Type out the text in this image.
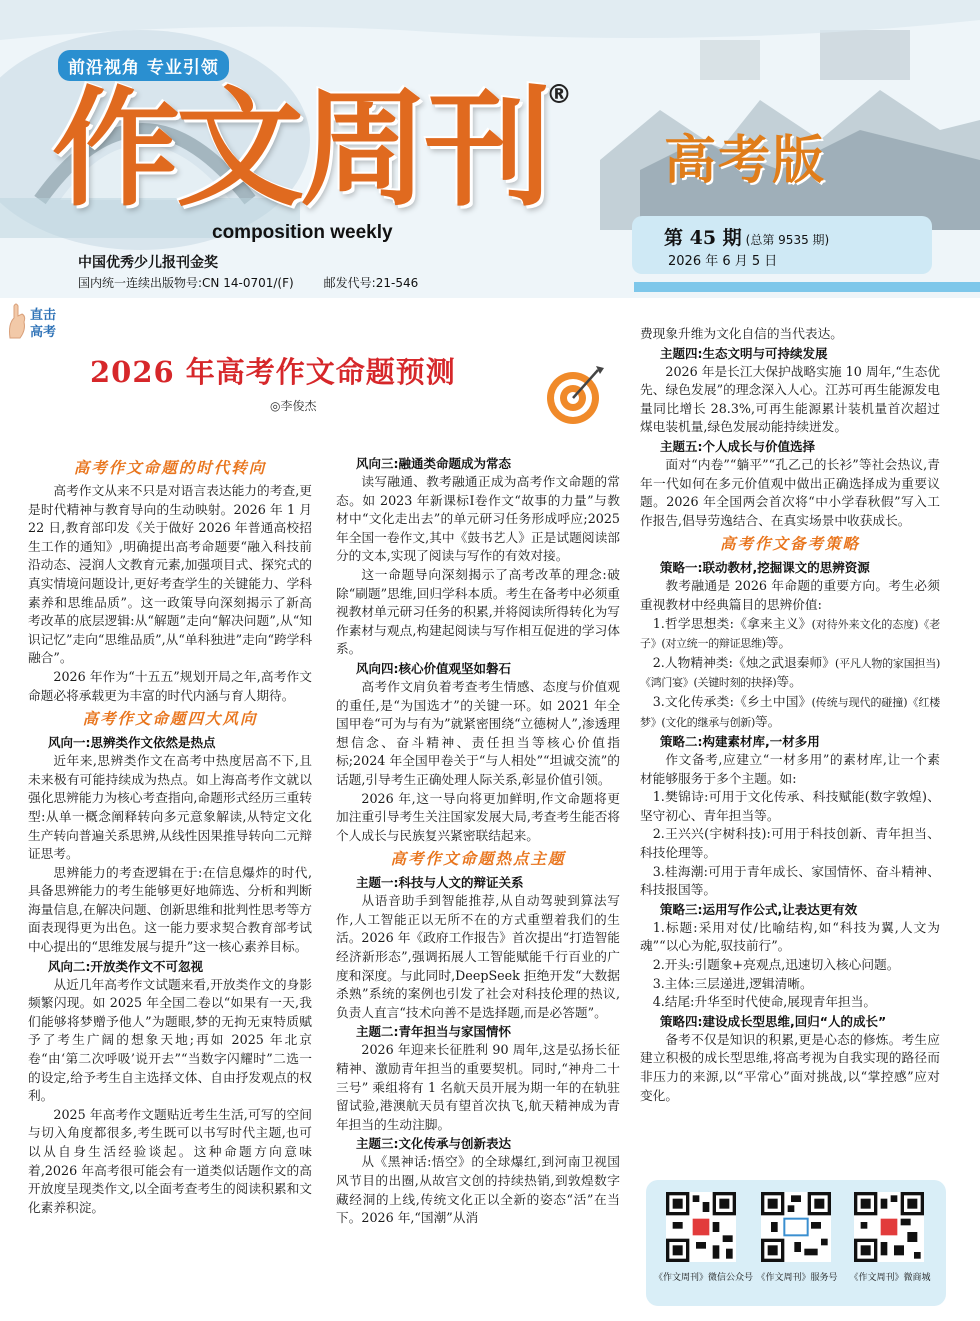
前沿视角 专业引领
作文周刊
®
composition weekly
高考版
第 45 期 (总第 9535 期)
2026 年 6 月 5 日
中国优秀少儿报刊金奖
国内统一连续出版物号:CN 14-0701/(F)	邮发代号:21-546
直击
高考
2026 年高考作文命题预测
◎李俊杰
高考作文命题的时代转向

高考作文从来不只是对语言表达能力的考查,更是时代精神与教育导向的生动映射。2026 年 1 月 22 日,教育部印发《关于做好 2026 年普通高校招生工作的通知》,明确提出高考命题要“融入科技前沿动态、浸润人文教育元素,加强项目式、探究式的真实情境问题设计,更好考查学生的关键能力、学科素养和思维品质”。这一政策导向深刻揭示了新高考改革的底层逻辑:从“解题”走向“解决问题”,从“知识记忆”走向“思维品质”,从“单科独进”走向“跨学科融合”。

2026 年作为“十五五”规划开局之年,高考作文命题必将承载更为丰富的时代内涵与育人期待。

高考作文命题四大风向
风向一:思辨类作文依然是热点

近年来,思辨类作文在高考中热度居高不下,且未来极有可能持续成为热点。如上海高考作文就以强化思辨能力为核心考查指向,命题形式经历三重转型:从单一概念阐释转向多元意象解读,从特定文化生产转向普遍关系思辨,从线性因果推导转向二元辩证思考。

思辨能力的考查逻辑在于:在信息爆炸的时代,具备思辨能力的考生能够更好地筛选、分析和判断海量信息,在解决问题、创新思维和批判性思考等方面表现得更为出色。这一能力要求契合教育部考试中心提出的“思维发展与提升”这一核心素养目标。

风向二:开放类作文不可忽视

从近几年高考作文试题来看,开放类作文的身影频繁闪现。如 2025 年全国二卷以“如果有一天,我们能够将梦赠予他人”为题眼,梦的无拘无束特质赋予了考生广阔的想象天地;再如 2025 年北京卷“由‘第二次呼吸’说开去”“当数字闪耀时”二选一的设定,给予考生自主选择文体、自由抒发观点的权利。

2025 年高考作文题贴近考生生活,可写的空间与切入角度都很多,考生既可以书写时代主题,也可以从自身生活经验谈起。这种命题方向意味着,2026 年高考很可能会有一道类似话题作文的高开放度呈现类作文,以全面考查考生的阅读积累和文化素养积淀。

风向三:融通类命题成为常态

读写融通、教考融通正成为高考作文命题的常态。如 2023 年新课标Ⅰ卷作文“故事的力量”与教材中“文化走出去”的单元研习任务形成呼应;2025 年全国一卷作文,其中《鼓书艺人》正是试题阅读部分的文本,实现了阅读与写作的有效对接。

这一命题导向深刻揭示了高考改革的理念:破除“刷题”思维,回归学科本质。考生在备考中必须重视教材单元研习任务的积累,并将阅读所得转化为写作素材与观点,构建起阅读与写作相互促进的学习体系。

风向四:核心价值观坚如磐石

高考作文肩负着考查考生情感、态度与价值观的重任,是“为国选才”的关键一环。如 2021 年全国甲卷“可为与有为”就紧密围绕“立德树人”,渗透理想信念、奋斗精神、责任担当等核心价值指标;2024 年全国甲卷关于“与人相处”“坦诚交流”的话题,引导考生正确处理人际关系,彰显价值引领。

2026 年,这一导向将更加鲜明,作文命题将更加注重引导考生关注国家发展大局,考查考生能否将个人成长与民族复兴紧密联结起来。

高考作文命题热点主题
主题一:科技与人文的辩证关系

从语音助手到智能推荐,从自动驾驶到算法写作,人工智能正以无所不在的方式重塑着我们的生活。2026 年《政府工作报告》首次提出“打造智能经济新形态”,强调拓展人工智能赋能千行百业的广度和深度。与此同时,DeepSeek 拒绝开发“大数据杀熟”系统的案例也引发了社会对科技伦理的热议,负责人直言“技术向善不是选择题,而是必答题”。

主题二:青年担当与家国情怀

2026 年迎来长征胜利 90 周年,这是弘扬长征精神、激励青年担当的重要契机。同时,“神舟二十三号” 乘组将有 1 名航天员开展为期一年的在轨驻留试验,港澳航天员有望首次执飞,航天精神成为青年担当的生动注脚。

主题三:文化传承与创新表达

从《黑神话:悟空》的全球爆红,到河南卫视国风节目的出圈,从故宫文创的持续热销,到敦煌数字藏经洞的上线,传统文化正以全新的姿态“活”在当下。2026 年,“国潮”从消

费现象升维为文化自信的当代表达。

主题四:生态文明与可持续发展

2026 年是长江大保护战略实施 10 周年,“生态优先、绿色发展”的理念深入人心。江苏可再生能源发电量同比增长 28.3%,可再生能源累计装机量首次超过煤电装机量,绿色发展动能持续迸发。

主题五:个人成长与价值选择

面对“内卷”“躺平”“孔乙己的长衫”等社会热议,青年一代如何在多元价值观中做出正确选择成为重要议题。2026 年全国两会首次将“中小学春秋假”写入工作报告,倡导劳逸结合、在真实场景中收获成长。

高考作文备考策略
策略一:联动教材,挖掘课文的思辨资源

教考融通是 2026 年命题的重要方向。考生必须重视教材中经典篇目的思辨价值:

1.哲学思想类:《拿来主义》(对待外来文化的态度)《老子》(对立统一的辩证思维)等。

2.人物精神类:《烛之武退秦师》(平凡人物的家国担当)《鸿门宴》(关键时刻的抉择)等。

3.文化传承类:《乡土中国》(传统与现代的碰撞)《红楼梦》(文化的继承与创新)等。

策略二:构建素材库,一材多用

作文备考,应建立“一材多用”的素材库,让一个素材能够服务于多个主题。如:

1.樊锦诗:可用于文化传承、科技赋能(数字敦煌)、坚守初心、青年担当等。

2.王兴兴(宇树科技):可用于科技创新、青年担当、科技伦理等。

3.桂海潮:可用于青年成长、家国情怀、奋斗精神、科技报国等。

策略三:运用写作公式,让表达更有效

1.标题:采用对仗/比喻结构,如“科技为翼,人文为魂”“以心为舵,驭技前行”。

2.开头:引题象+亮观点,迅速切入核心问题。

3.主体:三层递进,逻辑清晰。

4.结尾:升华至时代使命,展现青年担当。

策略四:建设成长型思维,回归“人的成长”

备考不仅是知识的积累,更是心态的修炼。考生应建立积极的成长型思维,将高考视为自我实现的路径而非压力的来源,以“平常心”面对挑战,以“掌控感”应对变化。

《作文周刊》微信公众号 《作文周刊》服务号	《作文周刊》微商城
